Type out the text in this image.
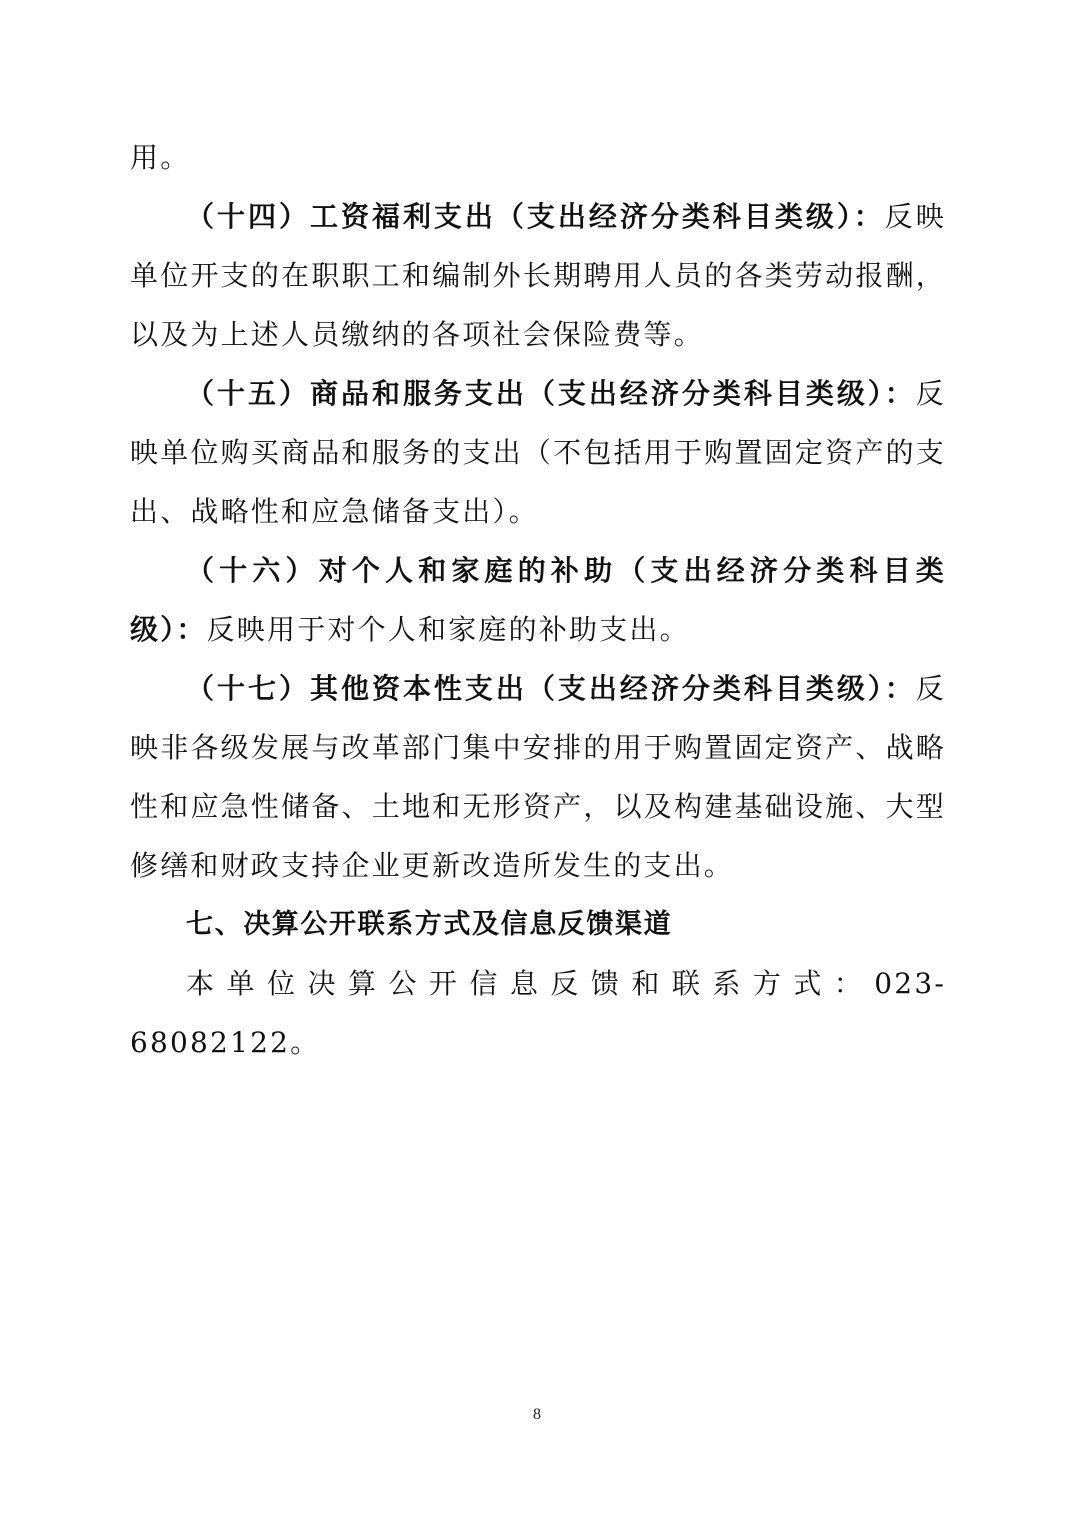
用。

（十四）工资福利支出（支出经济分类科目类级）：反映单位开支的在职职工和编制外长期聘用人员的各类劳动报酬，以及为上述人员缴纳的各项社会保险费等。

（十五）商品和服务支出（支出经济分类科目类级）：反映单位购买商品和服务的支出（不包括用于购置固定资产的支出、战略性和应急储备支出）。

（十六）对个人和家庭的补助（支出经济分类科目类级）：反映用于对个人和家庭的补助支出。

（十七）其他资本性支出（支出经济分类科目类级）：反映非各级发展与改革部门集中安排的用于购置固定资产、战略性和应急性储备、土地和无形资产，以及构建基础设施、大型修缮和财政支持企业更新改造所发生的支出。

七、决算公开联系方式及信息反馈渠道

本单位决算公开信息反馈和联系方式：023-68082122。

8
